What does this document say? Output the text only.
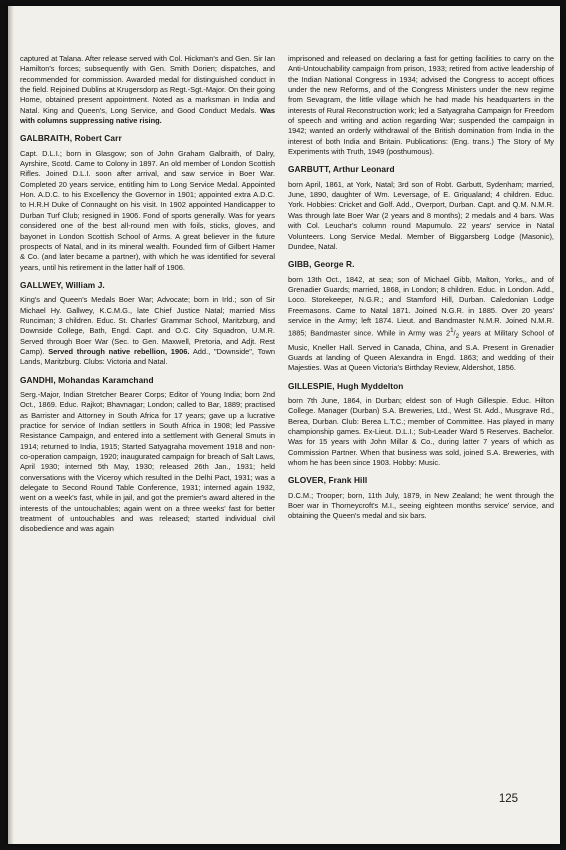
captured at Talana. After release served with Col. Hickman's and Gen. Sir Ian Hamilton's forces; subsequently with Gen. Smith Dorien; dispatches, and recommended for commission. Awarded medal for distinguished conduct in the field. Rejoined Dublins at Krugersdorp as Regt.-Sgt.-Major. On their going Home, obtained present appointment. Noted as a marksman in India and Natal. King and Queen's, Long Service, and Good Conduct Medals. Was with columns suppressing native rising.

GALBRAITH, Robert Carr

Capt. D.L.I.; born in Glasgow; son of John Graham Galbraith, of Dalry, Ayrshire, Scotd. Came to Colony in 1897. An old member of London Scottish Rifles. Joined D.L.I. soon after arrival, and saw service in Boer War. Completed 20 years service, entitling him to Long Service Medal. Appointed Hon. A.D.C. to his Excellency the Governor in 1901; appointed extra A.D.C. to H.R.H Duke of Connaught on his visit. In 1902 appointed Handicapper to Durban Turf Club; resigned in 1906. Fond of sports generally. Was for years considered one of the best all-round men with foils, sticks, gloves, and bayonet in London Scottish School of Arms. A great believer in the future prospects of Natal, and in its mineral wealth. Founded firm of Gilbert Hamer & Co. (and later became a partner), with which he was identified for several years, until his retirement in the latter half of 1906.

GALLWEY, William J.

King's and Queen's Medals Boer War; Advocate; born in Irld.; son of Sir Michael Hy. Gallwey, K.C.M.G., late Chief Justice Natal; married Miss Runciman; 3 children. Educ. St. Charles' Grammar School, Maritzburg, and Downside College, Bath, Engd. Capt. and O.C. City Squadron, U.M.R. Served through Boer War (Sec. to Gen. Maxwell, Pretoria, and Adjt. Rest Camp). Served through native rebellion, 1906. Add., "Downside", Town Lands, Maritzburg. Clubs: Victoria and Natal.

GANDHI, Mohandas Karamchand

Serg.-Major, Indian Stretcher Bearer Corps; Editor of Young India; born 2nd Oct., 1869. Educ. Rajkot; Bhavnagar; London; called to Bar, 1889; practised as Barrister and Attorney in South Africa for 17 years; gave up a lucrative practice for service of Indian settlers in South Africa in 1908; led Passive Resistance Campaign, and entered into a settlement with General Smuts in 1914; returned to India, 1915; Started Satyagraha movement 1918 and non-co-operation campaign, 1920; inaugurated campaign for breach of Salt Laws, April 1930; interned 5th May, 1930; released 26th Jan., 1931; held conversations with the Viceroy which resulted in the Delhi Pact, 1931; was a delegate to Second Round Table Conference, 1931; interned again 1932, went on a week's fast, while in jail, and got the premier's award altered in the interests of the untouchables; again went on a three weeks' fast for better treatment of untouchables and was released; started individual civil disobedience and was again

imprisoned and released on declaring a fast for getting facilities to carry on the Anti-Untouchability campaign from prison, 1933; retired from active leadership of the Indian National Congress in 1934; advised the Congress to accept offices under the new Reforms, and of the Congress Ministers under the new regime from Sevagram, the little village which he had made his headquarters in the interests of Rural Reconstruction work; led a Satyagraha Campaign for Freedom of speech and writing and action regarding War; suspended the campaign in 1942; wanted an orderly withdrawal of the British domination from India in the interest of both India and Britain. Publications: (Eng. trans.) The Story of My Experiments with Truth, 1949 (posthumous).

GARBUTT, Arthur Leonard

born April, 1861, at York, Natal; 3rd son of Robt. Garbutt, Sydenham; married, June, 1890, daughter of Wm. Leversage, of E. Griqualand; 4 children. Educ. York. Hobbies: Cricket and Golf. Add., Overport, Durban. Capt. and Q.M. N.M.R. Was through late Boer War (2 years and 8 months); 2 medals and 4 bars. Was with Col. Leuchar's column round Mapumulo. 22 years' service in Natal Volunteers. Long Service Medal. Member of Biggarsberg Lodge (Masonic), Dundee, Natal.

GIBB, George R.

born 13th Oct., 1842, at sea; son of Michael Gibb, Malton, Yorks,, and of Grenadier Guards; married, 1868, in London; 8 children. Educ. in London. Add., Loco. Storekeeper, N.G.R.; and Stamford Hill, Durban. Caledonian Lodge Freemasons. Came to Natal 1871. Joined N.G.R. in 1885. Over 20 years' service in the Army; left 1874. Lieut. and Bandmaster N.M.R. Joined N.M.R. 1885; Bandmaster since. While in Army was $2^1/_2$ years at Military School of Music, Kneller Hall. Served in Canada, China, and S.A. Present in Grenadier Guards at landing of Queen Alexandra in Engd. 1863; and wedding of their Majesties. Was at Queen Victoria's Birthday Review, Aldershot, 1856.

GILLESPIE, Hugh Myddelton

born 7th June, 1864, in Durban; eldest son of Hugh Gillespie. Educ. Hilton College. Manager (Durban) S.A. Breweries, Ltd., West St. Add., Musgrave Rd., Berea, Durban. Club: Berea L.T.C.; member of Committee. Has played in many championship games. Ex-Lieut. D.L.I.; Sub-Leader Ward 5 Reserves. Bachelor. Was for 15 years with John Millar & Co., during latter 7 years of which as Commission Partner. When that business was sold, joined S.A. Breweries, with whom he has been since 1903. Hobby: Music.

GLOVER, Frank Hill

D.C.M.; Trooper; born, 11th July, 1879, in New Zealand; he went through the Boer war in Thorneycroft's M.I., seeing eighteen months service' service, and obtaining the Queen's medal and six bars.

125
